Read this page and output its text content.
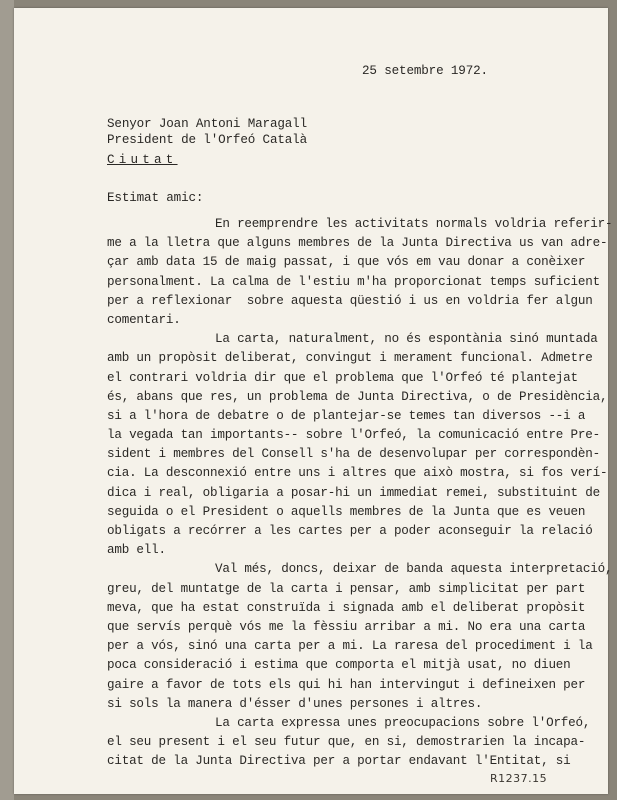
25 setembre 1972.
Senyor Joan Antoni Maragall
President de l'Orfeó Català
Ciutat
Estimat amic:
En reemprendre les activitats normals voldria referir-
me a la lletra que alguns membres de la Junta Directiva us van adre-
çar amb data 15 de maig passat, i que vós em vau donar a conèixer
personalment. La calma de l'estiu m'ha proporcionat temps suficient
per a reflexionar  sobre aquesta qüestió i us en voldria fer algun
comentari.
La carta, naturalment, no és espontània sinó muntada
amb un propòsit deliberat, convingut i merament funcional. Admetre
el contrari voldria dir que el problema que l'Orfeó té plantejat
és, abans que res, un problema de Junta Directiva, o de Presidència,
si a l'hora de debatre o de plantejar-se temes tan diversos --i a
la vegada tan importants-- sobre l'Orfeó, la comunicació entre Pre-
sident i membres del Consell s'ha de desenvolupar per correspondèn-
cia. La desconnexió entre uns i altres que això mostra, si fos verí-
dica i real, obligaria a posar-hi un immediat remei, substituint de
seguida o el President o aquells membres de la Junta que es veuen
obligats a recórrer a les cartes per a poder aconseguir la relació
amb ell.
Val més, doncs, deixar de banda aquesta interpretació,
greu, del muntatge de la carta i pensar, amb simplicitat per part
meva, que ha estat construïda i signada amb el deliberat propòsit
que servís perquè vós me la fèssiu arribar a mi. No era una carta
per a vós, sinó una carta per a mi. La raresa del procediment i la
poca consideració i estima que comporta el mitjà usat, no diuen
gaire a favor de tots els qui hi han intervingut i defineixen per
si sols la manera d'ésser d'unes persones i altres.
La carta expressa unes preocupacions sobre l'Orfeó,
el seu present i el seu futur que, en si, demostrarien la incapa-
citat de la Junta Directiva per a portar endavant l'Entitat, si
R1237.15
